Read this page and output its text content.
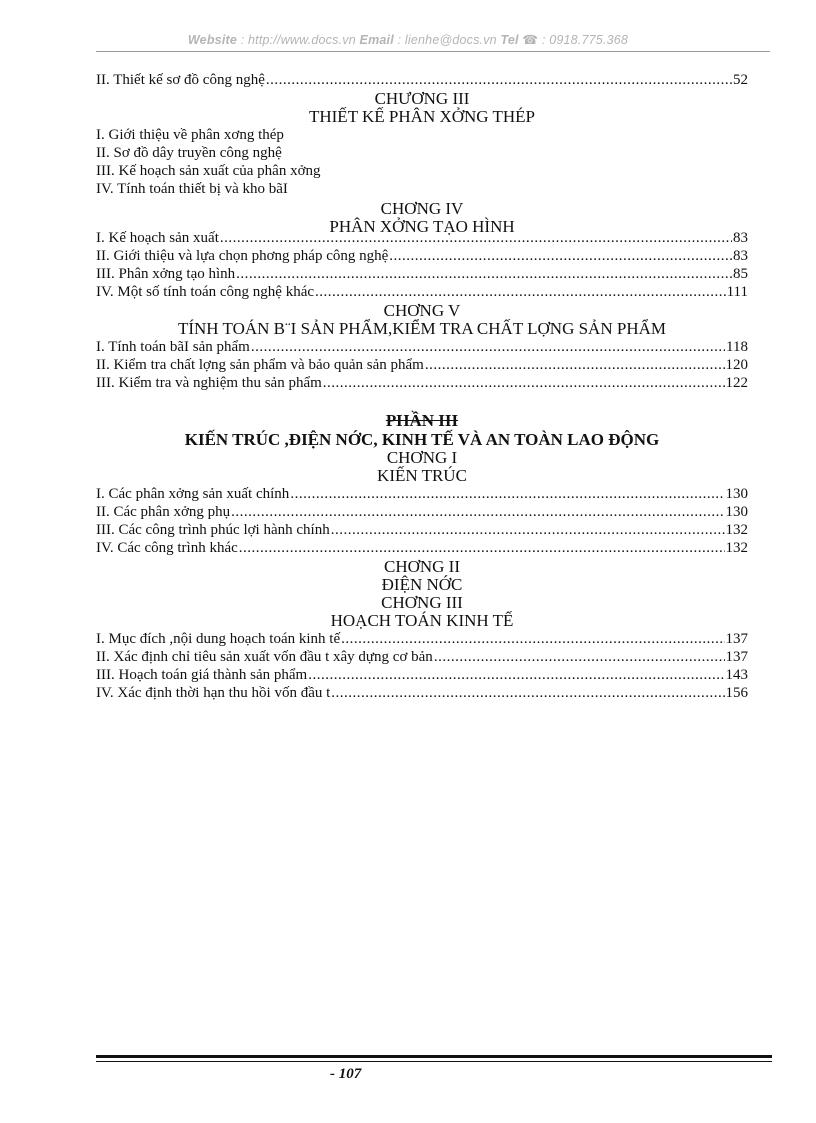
Website : http://www.docs.vn Email : lienhe@docs.vn Tel ☎ : 0918.775.368
II. Thiết kế sơ đồ công nghệ .....	52
CHƯƠNG III
THIẾT KẾ PHÂN XỞNG THÉP
I. Giới thiệu về phân xơng thép
II. Sơ đồ dây truyền công nghệ
III. Kế hoạch sản xuất của phân xởng
IV. Tính toán thiết bị và kho bãI
CHƠNG IV
PHÂN XỞNG TẠO HÌNH
I. Kế hoạch sản xuất .....	83
II. Giới thiệu và lựa chọn phơng pháp công nghệ .....	83
III. Phân xởng tạo hình .....	85
IV. Một số tính toán công nghệ khác .....	111
CHƠNG V
TÍNH TOÁN B¨I SẢN PHẨM,KIỂM TRA CHẤT LỢNG SẢN PHẨM
I. Tính toán bãI sản phẩm .....	118
II. Kiểm tra chất lợng sản phẩm và bảo quản sản phẩm .....	120
III. Kiểm tra và nghiệm thu sản phẩm .....	122
PHẦN III
KIẾN TRÚC ,ĐIỆN NỚC, KINH TẾ VÀ AN TOÀN LAO ĐỘNG
CHƠNG I
KIẾN TRÚC
I. Các phân xởng sản xuất chính .....	130
II. Các phân xởng phụ .....	130
III. Các công trình phúc lợi hành chính .....	132
IV. Các công trình khác .....	132
CHƠNG II
ĐIỆN NỚC
CHƠNG III
HOẠCH TOÁN KINH TẾ
I. Mục đích ,nội dung hoạch toán kinh tế .....	137
II. Xác định chỉ tiêu sản xuất vốn đầu t xây dựng cơ bản .....	137
III. Hoạch toán giá thành sản phẩm .....	143
IV. Xác định thời hạn thu hồi vốn đầu t .....	156
- 107
